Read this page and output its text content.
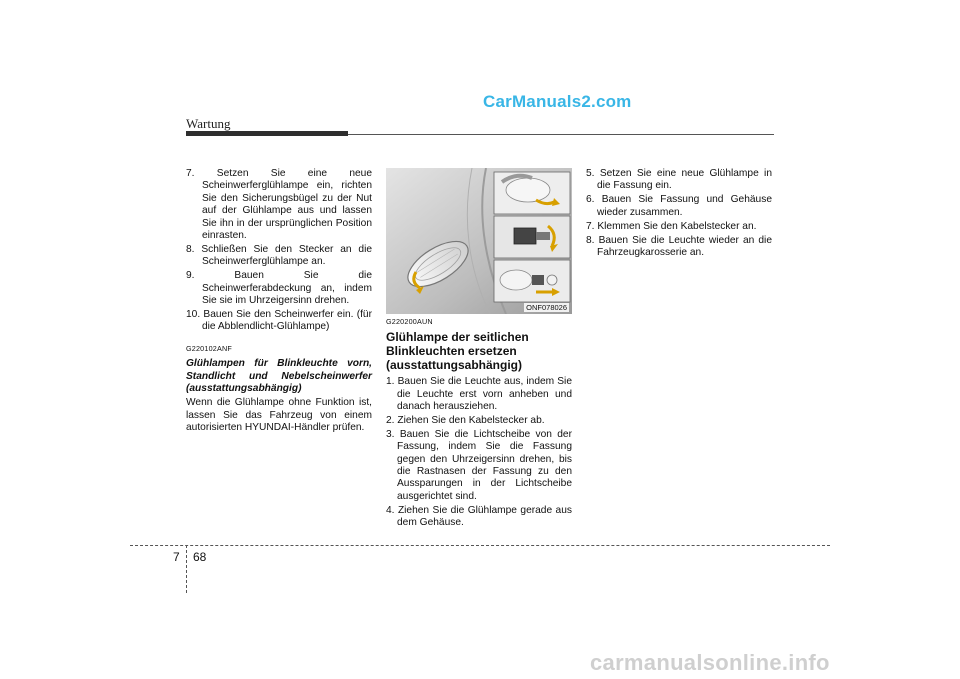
CarManuals2.com
Wartung
7. Setzen Sie eine neue Scheinwerferglühlampe ein, richten Sie den Sicherungsbügel zu der Nut auf der Glühlampe aus und lassen Sie ihn in der ursprünglichen Position einrasten.
8. Schließen Sie den Stecker an die Scheinwerferglühlampe an.
9.	Bauen Sie die Scheinwerferabdeckung an, indem Sie sie im Uhrzeigersinn drehen.
10. Bauen Sie den Scheinwerfer ein. (für die Abblendlicht-Glühlampe)
G220102ANF
Glühlampen für Blinkleuchte vorn, Standlicht und Nebelscheinwerfer (ausstattungsabhängig)

Wenn die Glühlampe ohne Funktion ist, lassen Sie das Fahrzeug von einem autorisierten HYUNDAI-Händler prüfen.

ONF078026
G220200AUN
Glühlampe der seitlichen Blinkleuchten ersetzen (ausstattungsabhängig)
1. Bauen Sie die Leuchte aus, indem Sie die Leuchte erst vorn anheben und danach herausziehen.
2. Ziehen Sie den Kabelstecker ab.
3. Bauen Sie die Lichtscheibe von der Fassung, indem Sie die Fassung gegen den Uhrzeigersinn drehen, bis die Rastnasen der Fassung zu den Aussparungen in der Lichtscheibe ausgerichtet sind.
4. Ziehen Sie die Glühlampe gerade aus dem Gehäuse.
5. Setzen Sie eine neue Glühlampe in die Fassung ein.
6. Bauen Sie Fassung und Gehäuse wieder zusammen.
7. Klemmen Sie den Kabelstecker an.
8. Bauen Sie die Leuchte wieder an die Fahrzeugkarosserie an.
7 68
carmanualsonline.info
